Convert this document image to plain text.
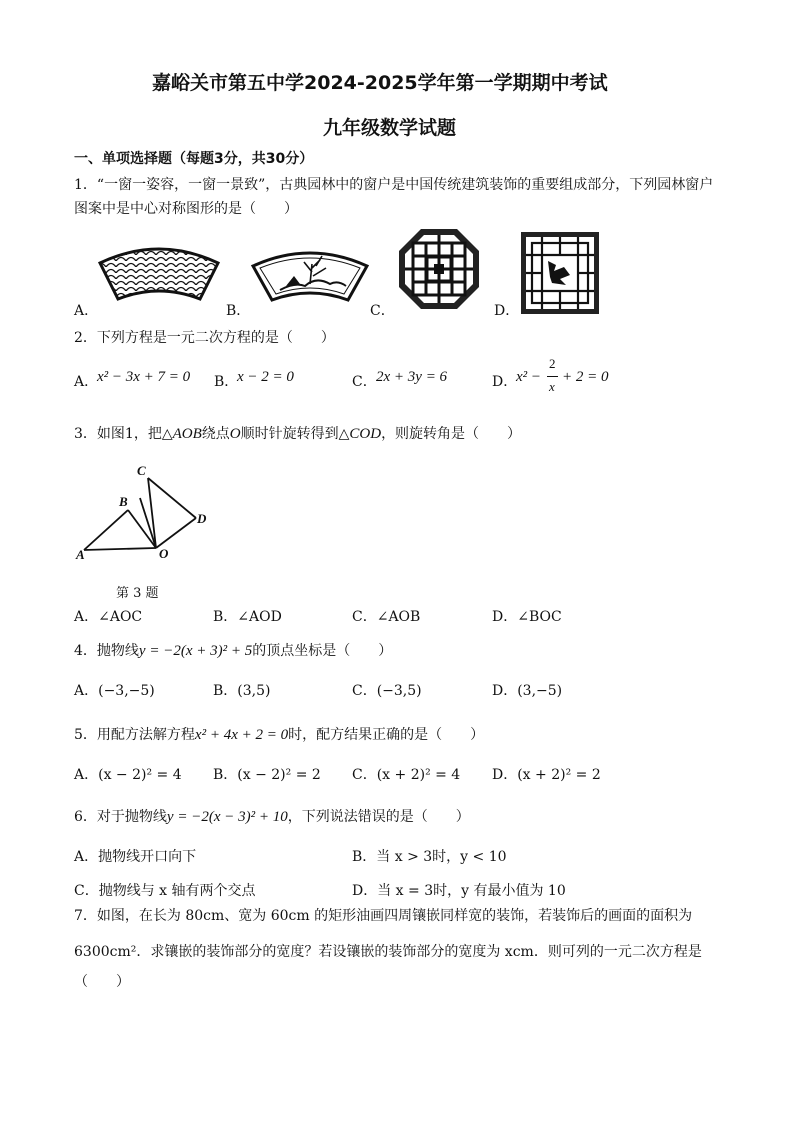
嘉峪关市第五中学2024-2025学年第一学期期中考试
九年级数学试题
一、单项选择题（每题3分，共30分）
1．“一窗一姿容，一窗一景致”，古典园林中的窗户是中国传统建筑装饰的重要组成部分，下列园林窗户
图案中是中心对称图形的是（　　）
A．	B．	C．	D．
2．下列方程是一元二次方程的是（　　）
A．
x² − 3x + 7 = 0 B．
x − 2 = 0	C． 2x + 3y = 6	D．
x² −
2
x
+ 2 = 0
3．如图1，把△AOB绕点O顺时针旋转得到△COD，则旋转角是（　　）
A
B
C
D
O
第 3 题
A．∠AOC	B．∠AOD	C．∠AOB	D．∠BOC
4．抛物线y = −2(x + 3)² + 5的顶点坐标是（　　）
A．(−3,−5)	B．(3,5)	C．(−3,5)	D．(3,−5)
5．用配方法解方程x² + 4x + 2 = 0时，配方结果正确的是（　　）
A．(x − 2)² = 4 B．(x − 2)² = 2 C．(x + 2)² = 4 D．(x + 2)² = 2
6．对于抛物线y = −2(x − 3)² + 10，下列说法错误的是（　　）
A．抛物线开口向下	B．当 x > 3时，y < 10
C．抛物线与 x 轴有两个交点	D．当 x = 3时，y 有最小值为 10
7．如图，在长为 80cm、宽为 60cm 的矩形油画四周镶嵌同样宽的装饰，若装饰后的画面的面积为
6300cm²．求镶嵌的装饰部分的宽度？若设镶嵌的装饰部分的宽度为 xcm．则可列的一元二次方程是
（　　）
